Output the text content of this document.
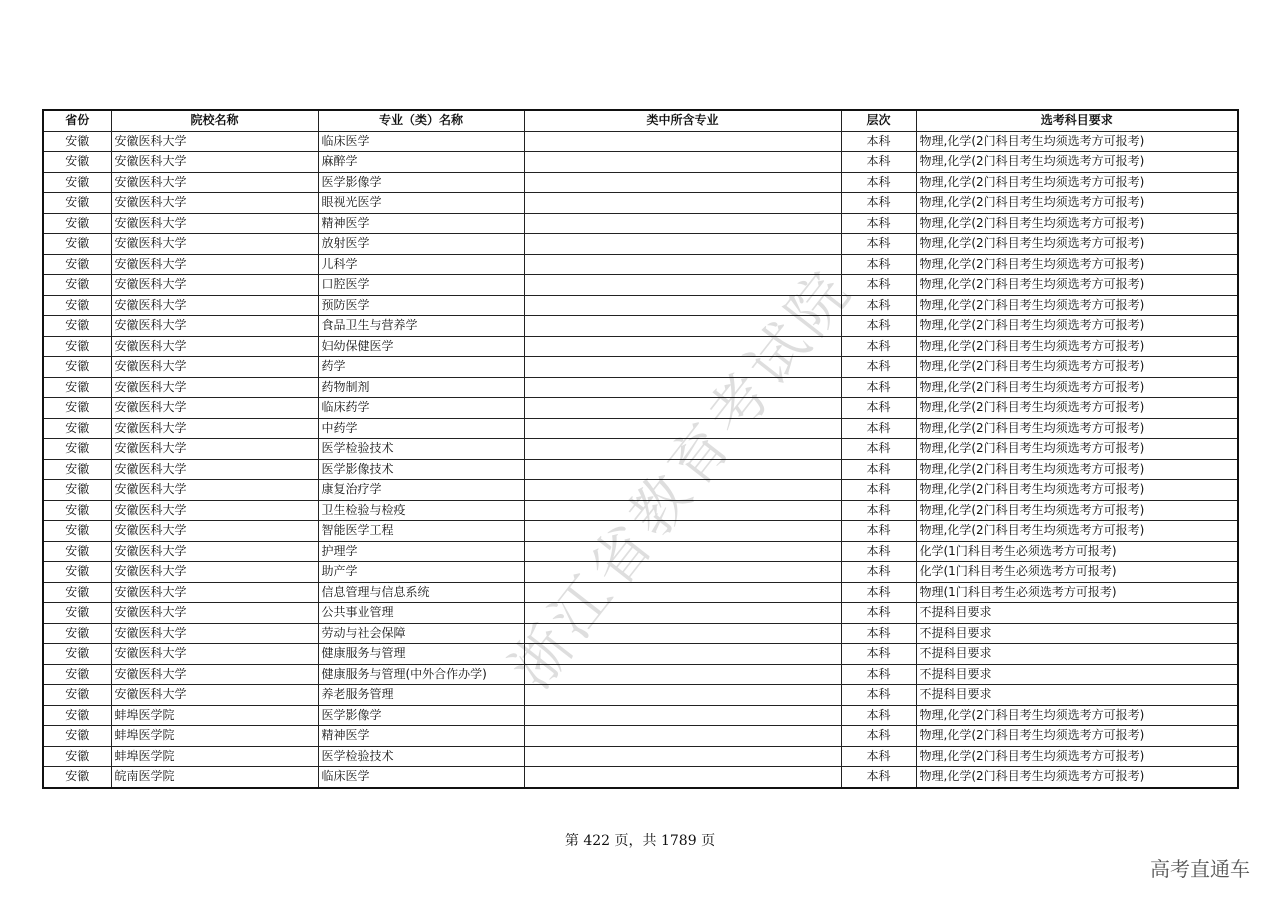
省份	院校名称	专业（类）名称	类中所含专业	层次	选考科目要求
安徽	安徽医科大学	临床医学		本科	物理,化学(2门科目考生均须选考方可报考)
安徽	安徽医科大学	麻醉学		本科	物理,化学(2门科目考生均须选考方可报考)
安徽	安徽医科大学	医学影像学		本科	物理,化学(2门科目考生均须选考方可报考)
安徽	安徽医科大学	眼视光医学		本科	物理,化学(2门科目考生均须选考方可报考)
安徽	安徽医科大学	精神医学		本科	物理,化学(2门科目考生均须选考方可报考)
安徽	安徽医科大学	放射医学		本科	物理,化学(2门科目考生均须选考方可报考)
安徽	安徽医科大学	儿科学		本科	物理,化学(2门科目考生均须选考方可报考)
安徽	安徽医科大学	口腔医学		本科	物理,化学(2门科目考生均须选考方可报考)
安徽	安徽医科大学	预防医学		本科	物理,化学(2门科目考生均须选考方可报考)
安徽	安徽医科大学	食品卫生与营养学		本科	物理,化学(2门科目考生均须选考方可报考)
安徽	安徽医科大学	妇幼保健医学		本科	物理,化学(2门科目考生均须选考方可报考)
安徽	安徽医科大学	药学		本科	物理,化学(2门科目考生均须选考方可报考)
安徽	安徽医科大学	药物制剂		本科	物理,化学(2门科目考生均须选考方可报考)
安徽	安徽医科大学	临床药学		本科	物理,化学(2门科目考生均须选考方可报考)
安徽	安徽医科大学	中药学		本科	物理,化学(2门科目考生均须选考方可报考)
安徽	安徽医科大学	医学检验技术		本科	物理,化学(2门科目考生均须选考方可报考)
安徽	安徽医科大学	医学影像技术		本科	物理,化学(2门科目考生均须选考方可报考)
安徽	安徽医科大学	康复治疗学		本科	物理,化学(2门科目考生均须选考方可报考)
安徽	安徽医科大学	卫生检验与检疫		本科	物理,化学(2门科目考生均须选考方可报考)
安徽	安徽医科大学	智能医学工程		本科	物理,化学(2门科目考生均须选考方可报考)
安徽	安徽医科大学	护理学		本科	化学(1门科目考生必须选考方可报考)
安徽	安徽医科大学	助产学		本科	化学(1门科目考生必须选考方可报考)
安徽	安徽医科大学	信息管理与信息系统		本科	物理(1门科目考生必须选考方可报考)
安徽	安徽医科大学	公共事业管理		本科	不提科目要求
安徽	安徽医科大学	劳动与社会保障		本科	不提科目要求
安徽	安徽医科大学	健康服务与管理		本科	不提科目要求
安徽	安徽医科大学	健康服务与管理(中外合作办学)		本科	不提科目要求
安徽	安徽医科大学	养老服务管理		本科	不提科目要求
安徽	蚌埠医学院	医学影像学		本科	物理,化学(2门科目考生均须选考方可报考)
安徽	蚌埠医学院	精神医学		本科	物理,化学(2门科目考生均须选考方可报考)
安徽	蚌埠医学院	医学检验技术		本科	物理,化学(2门科目考生均须选考方可报考)
安徽	皖南医学院	临床医学		本科	物理,化学(2门科目考生均须选考方可报考)
浙江省教育考试院
第 422 页，共 1789 页
高考直通车
